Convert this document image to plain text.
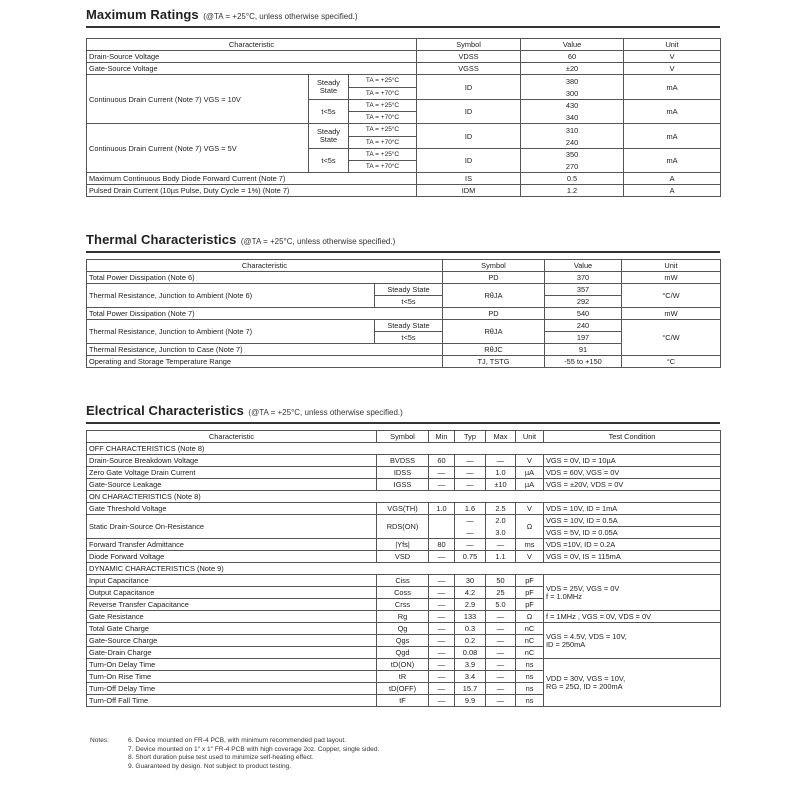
Maximum Ratings (@TA = +25°C, unless otherwise specified.)
Characteristic			Symbol	Value	Unit
Drain-Source Voltage			VDSS	60	V
Gate-Source Voltage			VGSS	±20	V
Continuous Drain Current (Note 7) VGS = 10V	Steady State	TA = +25°C	ID	380	mA
		TA = +70°C		300	
	t<5s	TA = +25°C	ID	430	mA
		TA = +70°C		340	
Continuous Drain Current (Note 7) VGS = 5V	Steady State	TA = +25°C	ID	310	mA
		TA = +70°C		240	
	t<5s	TA = +25°C	ID	350	mA
		TA = +70°C		270	
Maximum Continuous Body Diode Forward Current (Note 7)			IS	0.5	A
Pulsed Drain Current (10µs Pulse, Duty Cycle = 1%) (Note 7)			IDM	1.2	A
Thermal Characteristics (@TA = +25°C, unless otherwise specified.)
Characteristic		Symbol	Value	Unit
Total Power Dissipation (Note 6)		PD	370	mW
Thermal Resistance, Junction to Ambient (Note 6)	Steady State	RθJA	357	°C/W
	t<5s		292	
Total Power Dissipation (Note 7)		PD	540	mW
Thermal Resistance, Junction to Ambient (Note 7)	Steady State	RθJA	240	°C/W
	t<5s		197	
Thermal Resistance, Junction to Case (Note 7)		RθJC	91	
Operating and Storage Temperature Range		TJ, TSTG	-55 to +150	°C
Electrical Characteristics (@TA = +25°C, unless otherwise specified.)
Characteristic	Symbol	Min	Typ	Max	Unit	Test Condition
OFF CHARACTERISTICS (Note 8)						
Drain-Source Breakdown Voltage	BVDSS	60	—	—	V	VGS = 0V, ID = 10µA
Zero Gate Voltage Drain Current	IDSS	—	—	1.0	µA	VDS = 60V, VGS = 0V
Gate-Source Leakage	IGSS	—	—	±10	µA	VGS = ±20V, VDS = 0V
ON CHARACTERISTICS (Note 8)						
Gate Threshold Voltage	VGS(TH)	1.0	1.6	2.5	V	VDS = 10V, ID = 1mA
Static Drain-Source On-Resistance	RDS(ON)		—	2.0	Ω	VGS = 10V, ID = 0.5A
			—	3.0		VGS = 5V, ID = 0.05A
Forward Transfer Admittance	|Yfs|	80	—	—	ms	VDS =10V, ID = 0.2A
Diode Forward Voltage	VSD	—	0.75	1.1	V	VGS = 0V, IS = 115mA
DYNAMIC CHARACTERISTICS (Note 9)						
Input Capacitance	Ciss	—	30	50	pF	VDS = 25V, VGS = 0V
f = 1.0MHz
Output Capacitance	Coss	—	4.2	25	pF	
Reverse Transfer Capacitance	Crss	—	2.9	5.0	pF	
Gate Resistance	Rg	—	133	—	Ω	f = 1MHz , VGS = 0V, VDS = 0V
Total Gate Charge	Qg	—	0.3	—	nC	VGS = 4.5V, VDS = 10V,
ID = 250mA
Gate-Source Charge	Qgs	—	0.2	—	nC	
Gate-Drain Charge	Qgd	—	0.08	—	nC	
Turn-On Delay Time	tD(ON)	—	3.9	—	ns	VDD = 30V, VGS = 10V,
RG = 25Ω, ID = 200mA
Turn-On Rise Time	tR	—	3.4	—	ns	
Turn-Off Delay Time	tD(OFF)	—	15.7	—	ns	
Turn-Off Fall Time	tF	—	9.9	—	ns	
Notes:	6. Device mounted on FR-4 PCB, with minimum recommended pad layout.
7. Device mounted on 1" x 1" FR-4 PCB with high coverage 2oz. Copper, single sided.
8. Short duration pulse test used to minimize self-heating effect.
9. Guaranteed by design. Not subject to product testing.
